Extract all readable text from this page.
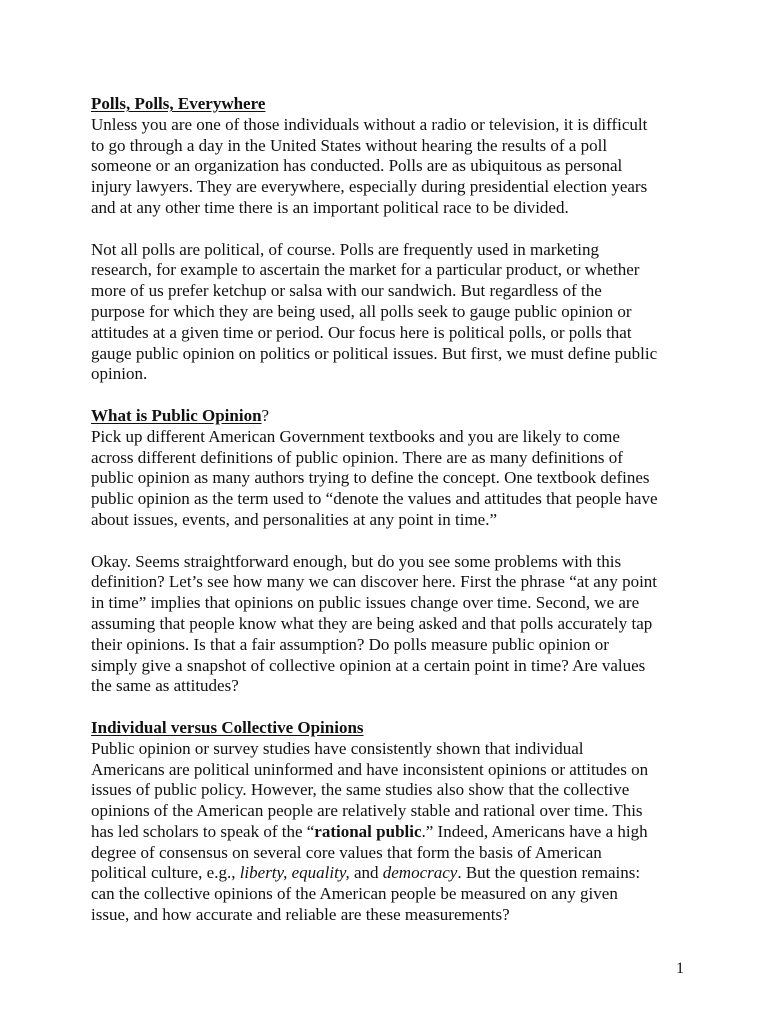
Polls, Polls, Everywhere
Unless you are one of those individuals without a radio or television, it is difficult
to go through a day in the United States without hearing the results of a poll
someone or an organization has conducted. Polls are as ubiquitous as personal
injury lawyers. They are everywhere, especially during presidential election years
and at any other time there is an important political race to be divided.
Not all polls are political, of course. Polls are frequently used in marketing
research, for example to ascertain the market for a particular product, or whether
more of us prefer ketchup or salsa with our sandwich. But regardless of the
purpose for which they are being used, all polls seek to gauge public opinion or
attitudes at a given time or period. Our focus here is political polls, or polls that
gauge public opinion on politics or political issues. But first, we must define public
opinion.
What is Public Opinion?
Pick up different American Government textbooks and you are likely to come
across different definitions of public opinion. There are as many definitions of
public opinion as many authors trying to define the concept. One textbook defines
public opinion as the term used to “denote the values and attitudes that people have
about issues, events, and personalities at any point in time.”
Okay. Seems straightforward enough, but do you see some problems with this
definition? Let’s see how many we can discover here. First the phrase “at any point
in time” implies that opinions on public issues change over time. Second, we are
assuming that people know what they are being asked and that polls accurately tap
their opinions. Is that a fair assumption? Do polls measure public opinion or
simply give a snapshot of collective opinion at a certain point in time? Are values
the same as attitudes?
Individual versus Collective Opinions
Public opinion or survey studies have consistently shown that individual
Americans are political uninformed and have inconsistent opinions or attitudes on
issues of public policy. However, the same studies also show that the collective
opinions of the American people are relatively stable and rational over time. This
has led scholars to speak of the “rational public.” Indeed, Americans have a high
degree of consensus on several core values that form the basis of American
political culture, e.g., liberty, equality, and democracy. But the question remains:
can the collective opinions of the American people be measured on any given
issue, and how accurate and reliable are these measurements?
1
